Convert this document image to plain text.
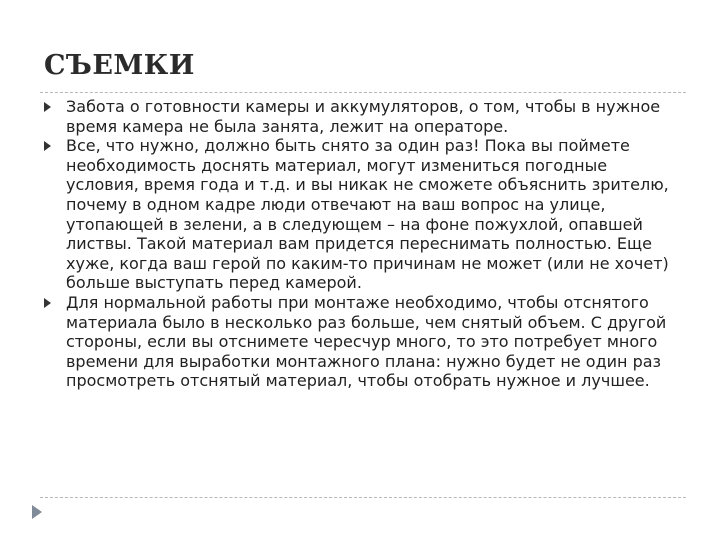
СЪЕМКИ
Забота о готовности камеры и аккумуляторов, о том, чтобы в нужное время камера не была занята, лежит на операторе.
Все, что нужно, должно быть снято за один раз! Пока вы поймете необходимость доснять материал, могут измениться погодные условия, время года и т.д. и вы никак не сможете объяснить зрителю, почему в одном кадре люди отвечают на ваш вопрос на улице, утопающей в зелени, а в следующем – на фоне пожухлой, опавшей листвы. Такой материал вам придется переснимать полностью. Еще хуже, когда ваш герой по каким-то причинам не может (или не хочет) больше выступать перед камерой.
Для нормальной работы при монтаже необходимо, чтобы отснятого материала было в несколько раз больше, чем снятый объем. С другой стороны, если вы отснимете чересчур много, то это потребует много времени для выработки монтажного плана: нужно будет не один раз просмотреть отснятый материал, чтобы отобрать нужное и лучшее.
